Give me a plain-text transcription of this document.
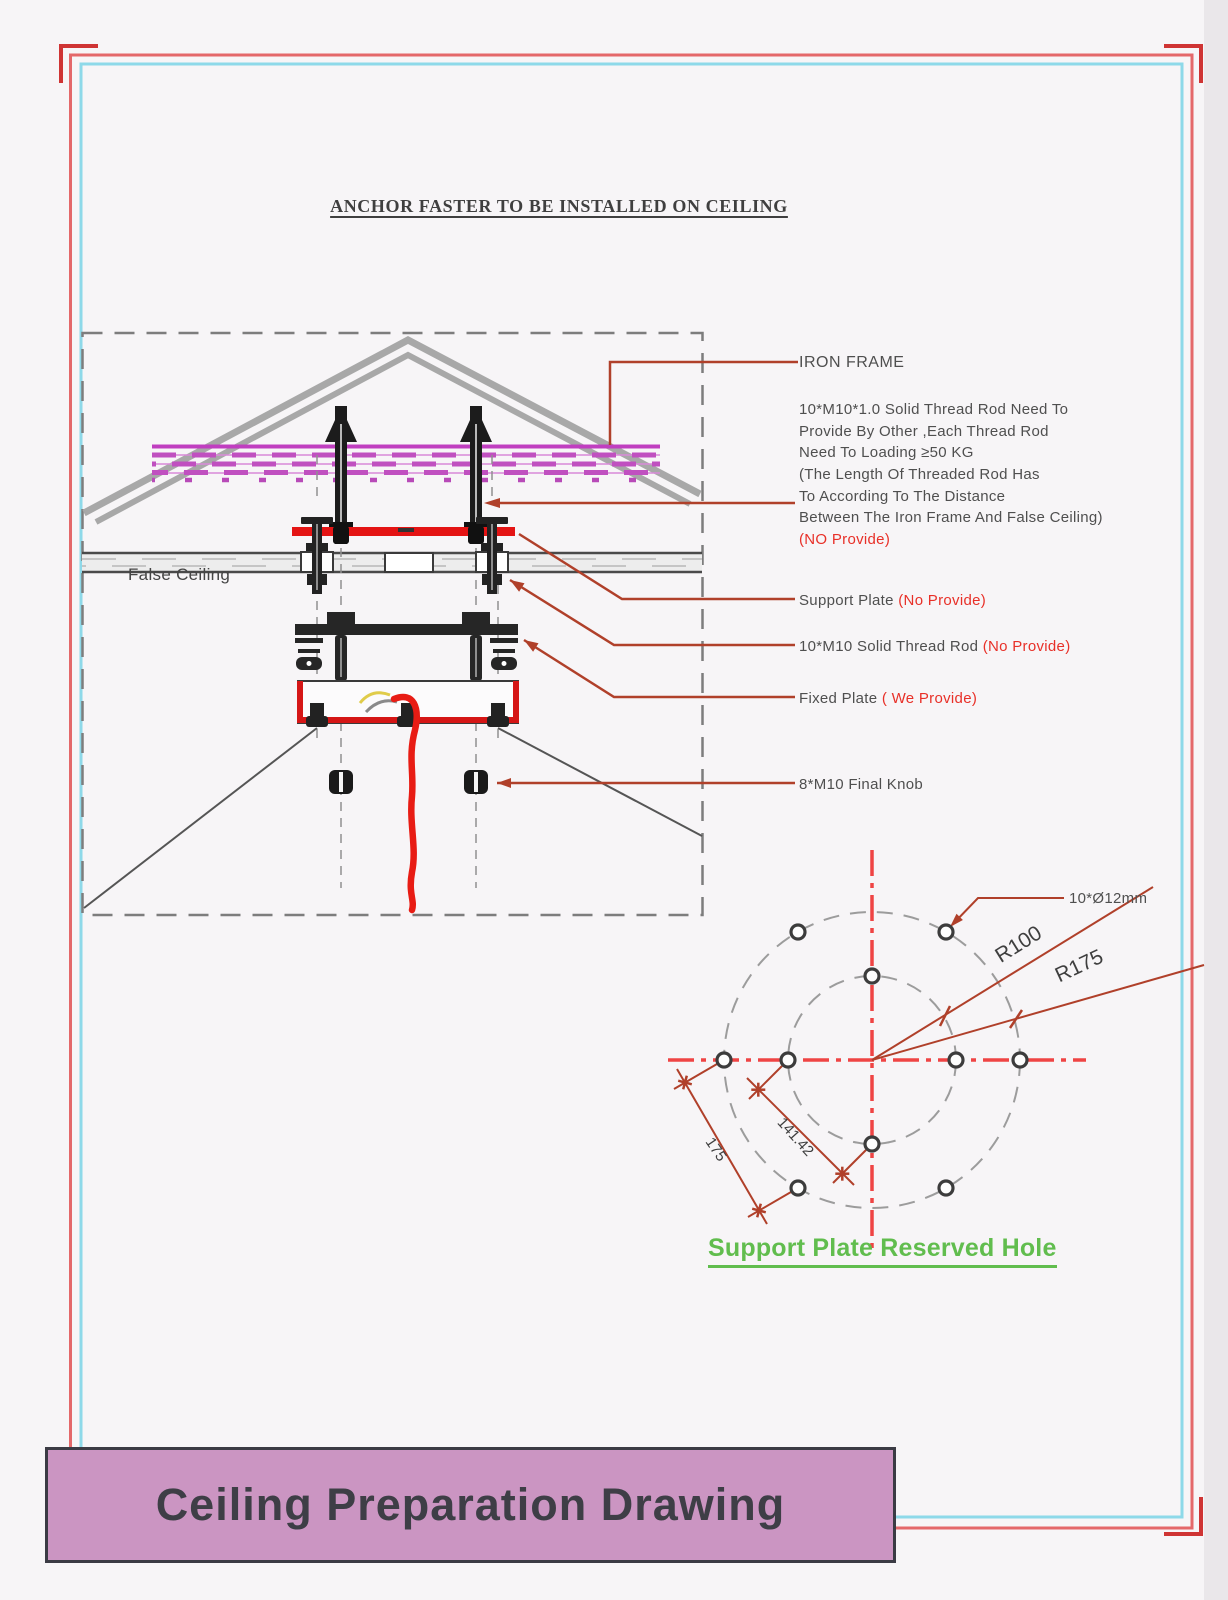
R100 R175
175	141.42
ANCHOR FASTER TO BE INSTALLED ON CEILING
False Ceiling
IRON FRAME
10*M10*1.0 Solid Thread Rod Need To
Provide By Other ,Each Thread Rod
Need To Loading ≥50 KG
(The Length Of Threaded Rod Has
To According To The Distance
Between The Iron Frame And False Ceiling)
(NO Provide)
Support Plate (No Provide)
10*M10 Solid Thread Rod (No Provide)
Fixed Plate ( We Provide)
8*M10 Final Knob
10*Ø12mm
Support Plate Reserved Hole
Ceiling Preparation Drawing
